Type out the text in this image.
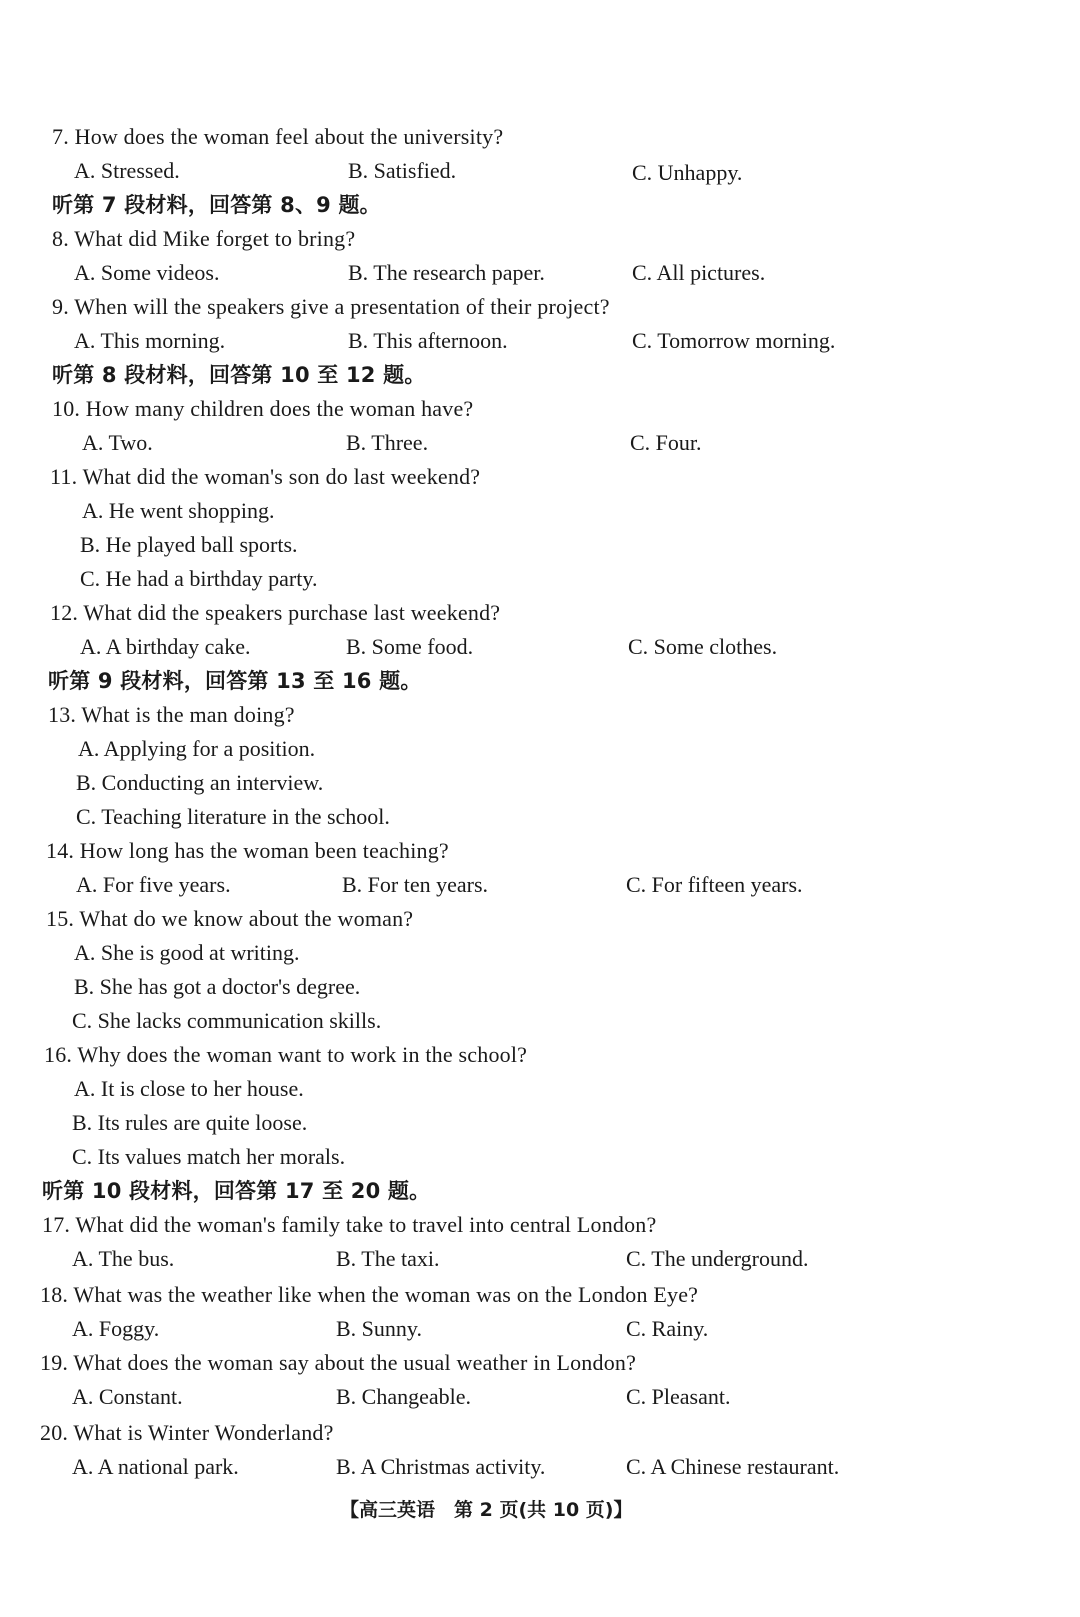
7. How does the woman feel about the university?
A. Stressed.	B. Satisfied.	C. Unhappy.
听第 7 段材料，回答第 8、9 题。
8. What did Mike forget to bring?
A. Some videos.	B. The research paper.	C. All pictures.
9. When will the speakers give a presentation of their project?
A. This morning.	B. This afternoon.	C. Tomorrow morning.
听第 8 段材料，回答第 10 至 12 题。
10. How many children does the woman have?
A. Two.	B. Three.	C. Four.
11. What did the woman's son do last weekend?
A. He went shopping.
B. He played ball sports.
C. He had a birthday party.
12. What did the speakers purchase last weekend?
A. A birthday cake.	B. Some food.	C. Some clothes.
听第 9 段材料，回答第 13 至 16 题。
13. What is the man doing?
A. Applying for a position.
B. Conducting an interview.
C. Teaching literature in the school.
14. How long has the woman been teaching?
A. For five years.	B. For ten years.	C. For fifteen years.
15. What do we know about the woman?
A. She is good at writing.
B. She has got a doctor's degree.
C. She lacks communication skills.
16. Why does the woman want to work in the school?
A. It is close to her house.
B. Its rules are quite loose.
C. Its values match her morals.
听第 10 段材料，回答第 17 至 20 题。
17. What did the woman's family take to travel into central London?
A. The bus.	B. The taxi.	C. The underground.
18. What was the weather like when the woman was on the London Eye?
A. Foggy.	B. Sunny.	C. Rainy.
19. What does the woman say about the usual weather in London?
A. Constant.	B. Changeable.	C. Pleasant.
20. What is Winter Wonderland?
A. A national park.	B. A Christmas activity.	C. A Chinese restaurant.
【高三英语　第 2 页(共 10 页)】
